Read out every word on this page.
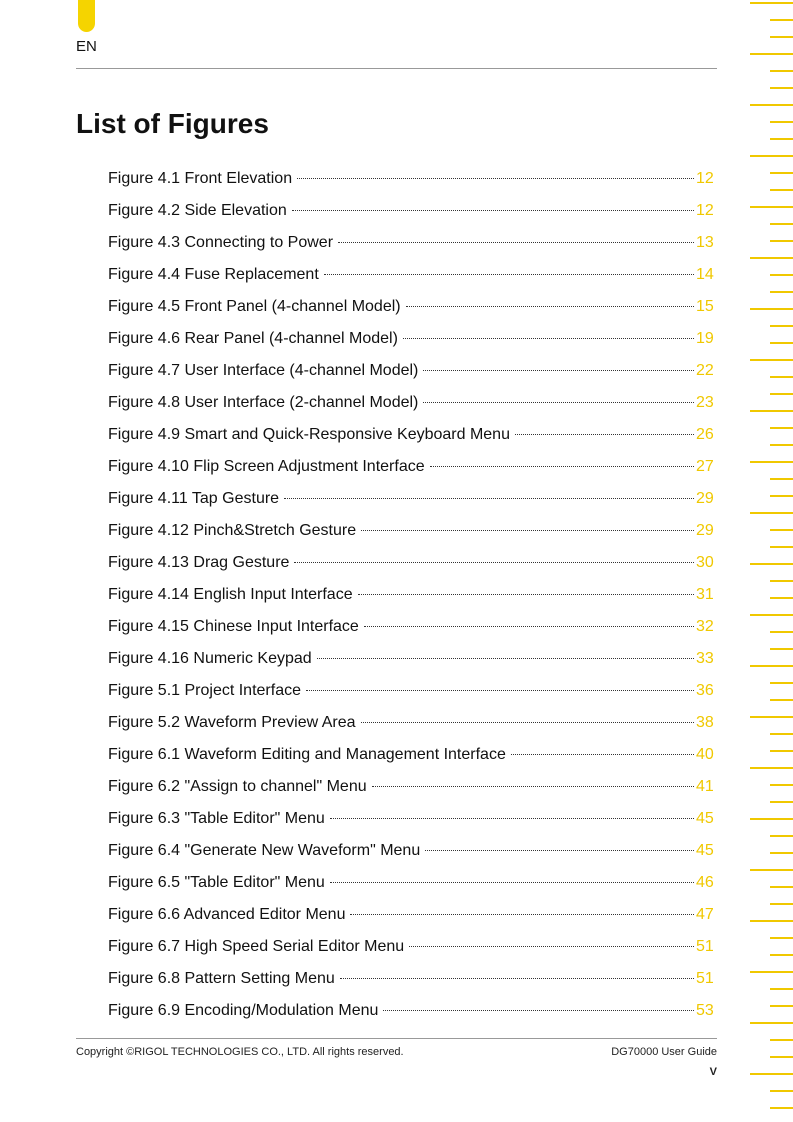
EN
List of Figures
Figure 4.1 Front Elevation	12
Figure 4.2 Side Elevation	12
Figure 4.3 Connecting to Power	13
Figure 4.4 Fuse Replacement	14
Figure 4.5 Front Panel (4-channel Model)	15
Figure 4.6 Rear Panel (4-channel Model)	19
Figure 4.7 User Interface (4-channel Model)	22
Figure 4.8 User Interface (2-channel Model)	23
Figure 4.9 Smart and Quick-Responsive Keyboard Menu	26
Figure 4.10 Flip Screen Adjustment Interface	27
Figure 4.11 Tap Gesture	29
Figure 4.12 Pinch&Stretch Gesture	29
Figure 4.13 Drag Gesture	30
Figure 4.14 English Input Interface	31
Figure 4.15 Chinese Input Interface	32
Figure 4.16 Numeric Keypad	33
Figure 5.1 Project Interface	36
Figure 5.2 Waveform Preview Area	38
Figure 6.1 Waveform Editing and Management Interface	40
Figure 6.2 "Assign to channel" Menu	41
Figure 6.3 "Table Editor" Menu	45
Figure 6.4 "Generate New Waveform" Menu	45
Figure 6.5 "Table Editor" Menu	46
Figure 6.6 Advanced Editor Menu	47
Figure 6.7 High Speed Serial Editor Menu	51
Figure 6.8 Pattern Setting Menu	51
Figure 6.9 Encoding/Modulation Menu	53
Copyright ©RIGOL TECHNOLOGIES CO., LTD. All rights reserved.	DG70000 User Guide
V
